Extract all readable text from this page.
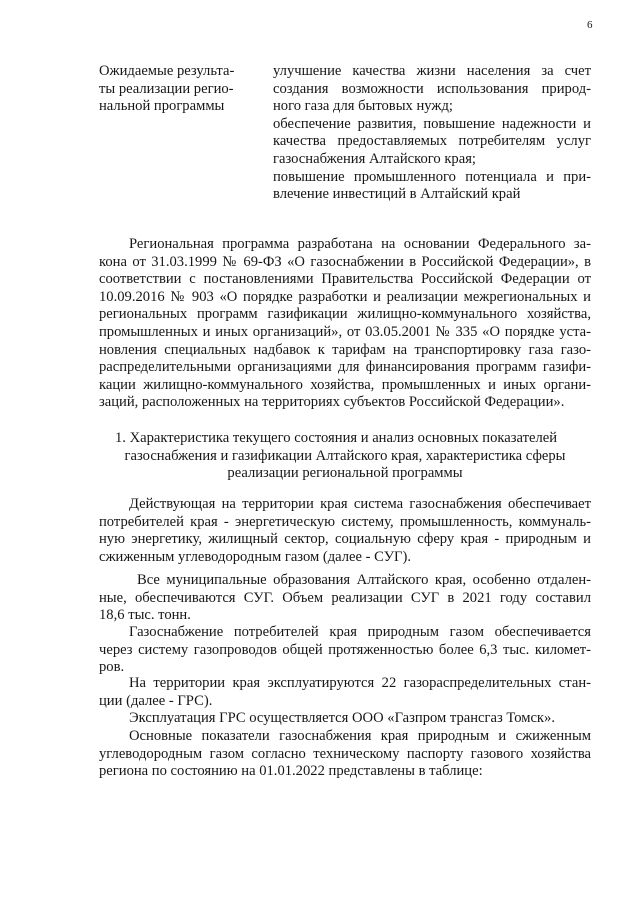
6
Ожидаемые результа-
ты реализации регио-
нальной программы
улучшение качества жизни населения за счет
создания возможности использования природ-
ного газа для бытовых нужд;
обеспечение развития, повышение надежности и
качества предоставляемых потребителям услуг
газоснабжения Алтайского края;
повышение промышленного потенциала и при-
влечение инвестиций в Алтайский край
Региональная программа разработана на основании Федерального за-
кона от 31.03.1999 № 69-ФЗ «О газоснабжении в Российской Федерации», в
соответствии с постановлениями Правительства Российской Федерации от
10.09.2016 № 903 «О порядке разработки и реализации межрегиональных и
региональных программ газификации жилищно-коммунального хозяйства,
промышленных и иных организаций», от 03.05.2001 № 335 «О порядке уста-
новления специальных надбавок к тарифам на транспортировку газа газо-
распределительными организациями для финансирования программ газифи-
кации жилищно-коммунального хозяйства, промышленных и иных органи-
заций, расположенных на территориях субъектов Российской Федерации».
1. Характеристика текущего состояния и анализ основных показателей
газоснабжения и газификации Алтайского края, характеристика сферы
реализации региональной программы
Действующая на территории края система газоснабжения обеспечивает
потребителей края - энергетическую систему, промышленность, коммуналь-
ную энергетику, жилищный сектор, социальную сферу края - природным и
сжиженным углеводородным газом (далее - СУГ).
Все муниципальные образования Алтайского края, особенно отдален-
ные, обеспечиваются СУГ. Объем реализации СУГ в 2021 году составил
18,6 тыс. тонн.
Газоснабжение потребителей края природным газом обеспечивается
через систему газопроводов общей протяженностью более 6,3 тыс. километ-
ров.
На территории края эксплуатируются 22 газораспределительных стан-
ции (далее - ГРС).
Эксплуатация ГРС осуществляется ООО «Газпром трансгаз Томск».
Основные показатели газоснабжения края природным и сжиженным
углеводородным газом согласно техническому паспорту газового хозяйства
региона по состоянию на 01.01.2022 представлены в таблице:
